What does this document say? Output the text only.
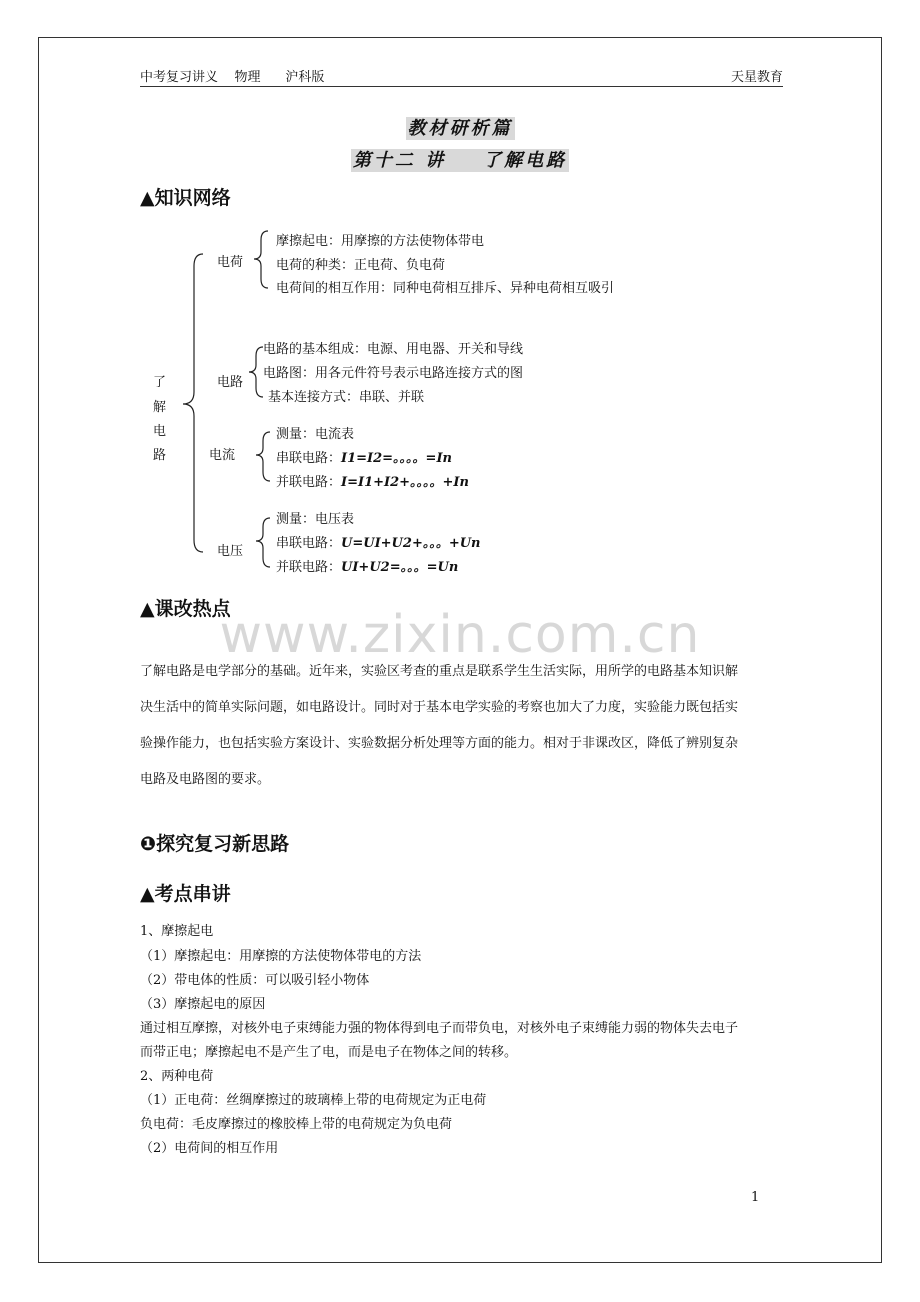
中考复习讲义    物理      沪科版	天星教育
教材研析篇
第十二 讲    了解电路
▲知识网络
了
解
电
路
电荷
摩擦起电：用摩擦的方法使物体带电
电荷的种类：正电荷、负电荷
电荷间的相互作用：同种电荷相互排斥、异种电荷相互吸引
电路
电路的基本组成：电源、用电器、开关和导线
电路图：用各元件符号表示电路连接方式的图
基本连接方式：串联、并联
电流
测量：电流表
串联电路：I1=I2=。。。。=In
并联电路：I=I1+I2+。。。。+In
电压
测量：电压表
串联电路：U=UI+U2+。。。+Un
并联电路：UI+U2=。。。=Un
▲课改热点
www.zixin.com.cn
了解电路是电学部分的基础。近年来，实验区考查的重点是联系学生生活实际，用所学的电路基本知识解
决生活中的简单实际问题，如电路设计。同时对于基本电学实验的考察也加大了力度，实验能力既包括实
验操作能力，也包括实验方案设计、实验数据分析处理等方面的能力。相对于非课改区，降低了辨别复杂
电路及电路图的要求。
❶探究复习新思路
▲考点串讲
1、摩擦起电
（1）摩擦起电：用摩擦的方法使物体带电的方法
（2）带电体的性质：可以吸引轻小物体
（3）摩擦起电的原因
通过相互摩擦，对核外电子束缚能力强的物体得到电子而带负电，对核外电子束缚能力弱的物体失去电子
而带正电；摩擦起电不是产生了电，而是电子在物体之间的转移。
2、两种电荷
（1）正电荷：丝绸摩擦过的玻璃棒上带的电荷规定为正电荷
负电荷：毛皮摩擦过的橡胶棒上带的电荷规定为负电荷
（2）电荷间的相互作用
1
